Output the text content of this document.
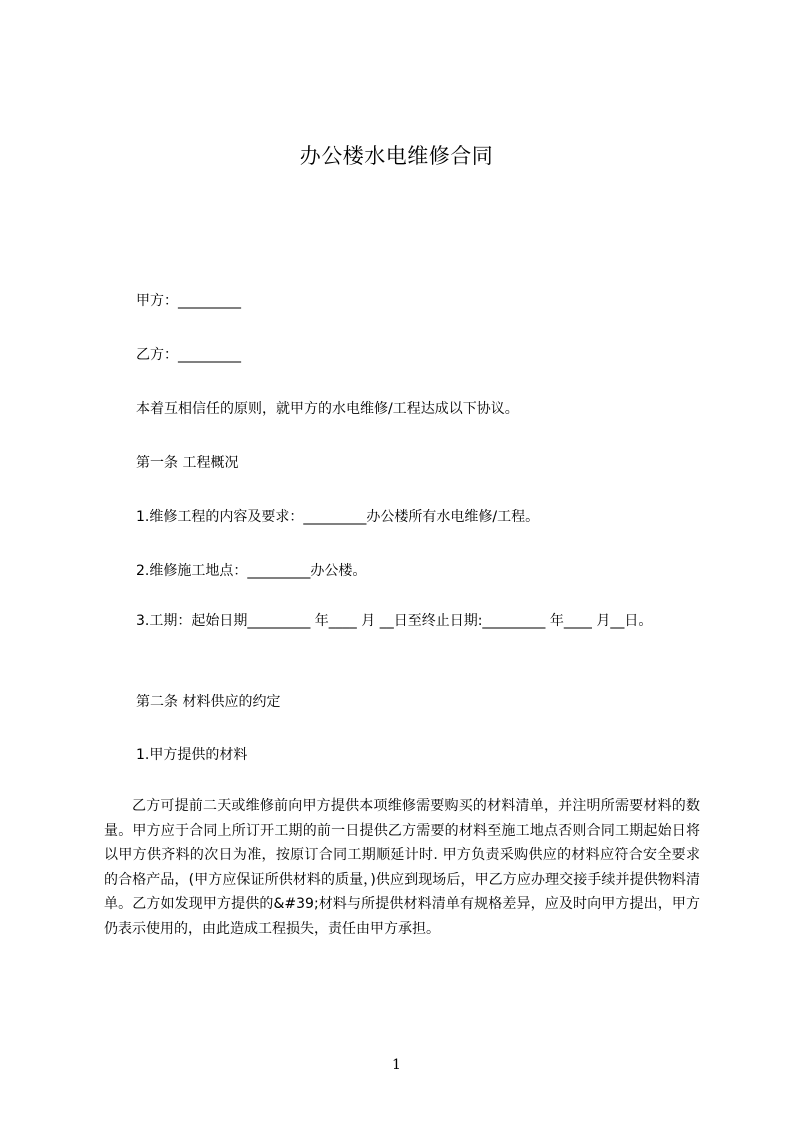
办公楼水电维修合同

甲方：_________

乙方：_________

本着互相信任的原则，就甲方的水电维修/工程达成以下协议。

第一条 工程概况

1.维修工程的内容及要求：_________办公楼所有水电维修/工程。

2.维修施工地点：_________办公楼。

3.工期：起始日期_________ 年____ 月 __日至终止日期:_________ 年____ 月__日。

第二条 材料供应的约定

1.甲方提供的材料

乙方可提前二天或维修前向甲方提供本项维修需要购买的材料清单，并注明所需要材料的数量。甲方应于合同上所订开工期的前一日提供乙方需要的材料至施工地点否则合同工期起始日将以甲方供齐料的次日为准，按原订合同工期顺延计时. 甲方负责采购供应的材料应符合安全要求的合格产品，(甲方应保证所供材料的质量，)供应到现场后，甲乙方应办理交接手续并提供物料清单。乙方如发现甲方提供的&#39;材料与所提供材料清单有规格差异，应及时向甲方提出，甲方仍表示使用的，由此造成工程损失，责任由甲方承担。

1
